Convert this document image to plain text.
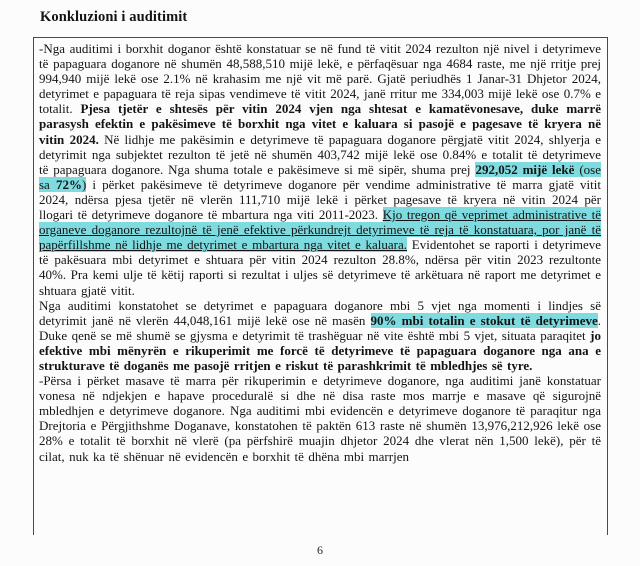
Konkluzioni i auditimit

-Nga auditimi i borxhit doganor është konstatuar se në fund të vitit 2024 rezulton një nivel i detyrimeve të papaguara doganore në shumën 48,588,510 mijë lekë, e përfaqësuar nga 4684 raste, me një rritje prej 994,940 mijë lekë ose 2.1% në krahasim me një vit më parë. Gjatë periudhës 1 Janar-31 Dhjetor 2024, detyrimet e papaguara të reja sipas vendimeve të vitit 2024, janë rritur me 334,003 mijë lekë ose 0.7% e totalit. Pjesa tjetër e shtesës për vitin 2024 vjen nga shtesat e kamatëvonesave, duke marrë parasysh efektin e pakësimeve të borxhit nga vitet e kaluara si pasojë e pagesave të kryera në vitin 2024. Në lidhje me pakësimin e detyrimeve të papaguara doganore përgjatë vitit 2024, shlyerja e detyrimit nga subjektet rezulton të jetë në shumën 403,742 mijë lekë ose 0.84% e totalit të detyrimeve të papaguara doganore. Nga shuma totale e pakësimeve si më sipër, shuma prej 292,052 mijë lekë (ose sa 72%) i përket pakësimeve të detyrimeve doganore për vendime administrative të marra gjatë vitit 2024, ndërsa pjesa tjetër në vlerën 111,710 mijë lekë i përket pagesave të kryera në vitin 2024 për llogari të detyrimeve doganore të mbartura nga viti 2011-2023. Kjo tregon që veprimet administrative të organeve doganore rezultojnë të jenë efektive përkundrejt detyrimeve të reja të konstatuara, por janë të papërfillshme në lidhje me detyrimet e mbartura nga vitet e kaluara. Evidentohet se raporti i detyrimeve të pakësuara mbi detyrimet e shtuara për vitin 2024 rezulton 28.8%, ndërsa për vitin 2023 rezultonte 40%. Pra kemi ulje të këtij raporti si rezultat i uljes së detyrimeve të arkëtuara në raport me detyrimet e shtuara gjatë vitit.

Nga auditimi konstatohet se detyrimet e papaguara doganore mbi 5 vjet nga momenti i lindjes së detyrimit janë në vlerën 44,048,161 mijë lekë ose në masën 90% mbi totalin e stokut të detyrimeve. Duke qenë se më shumë se gjysma e detyrimit të trashëguar në vite është mbi 5 vjet, situata paraqitet jo efektive mbi mënyrën e rikuperimit me forcë të detyrimeve të papaguara doganore nga ana e strukturave të doganës me pasojë rritjen e riskut të parashkrimit të mbledhjes së tyre.

-Përsa i përket masave të marra për rikuperimin e detyrimeve doganore, nga auditimi janë konstatuar vonesa në ndjekjen e hapave proceduralë si dhe në disa raste mos marrje e masave që sigurojnë mbledhjen e detyrimeve doganore. Nga auditimi mbi evidencën e detyrimeve doganore të paraqitur nga Drejtoria e Përgjithshme Doganave, konstatohen të paktën 613 raste në shumën 13,976,212,926 lekë ose 28% e totalit të borxhit në vlerë (pa përfshirë muajin dhjetor 2024 dhe vlerat nën 1,500 lekë), për të cilat, nuk ka të shënuar në evidencën e borxhit të dhëna mbi marrjen

6
